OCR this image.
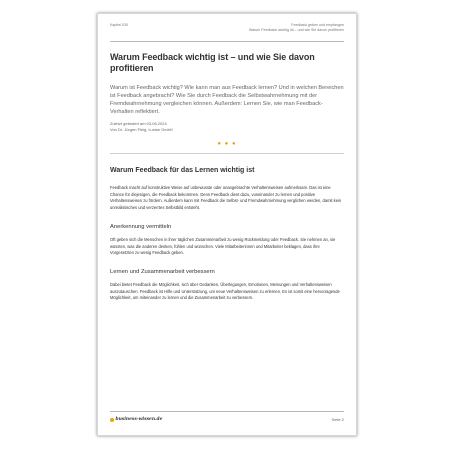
Kapitel 030	Feedback geben und empfangen
Warum Feedback wichtig ist – und wie Sie davon profitieren
Warum Feedback wichtig ist – und wie Sie davon profitieren

Warum ist Feedback wichtig? Wie kann man aus Feedback lernen? Und in welchen Bereichen ist Feedback angebracht? Wie Sie durch Feedback die Selbstwahrnehmung mit der Fremdwahrnehmung vergleichen können. Außerdem: Lernen Sie, wie man Feedback-Verhalten reflektiert.

Zuletzt geändert am 03.06.2024
Von Dr. Jürgen Fleig, b-wise GmbH
● ● ●
Warum Feedback für das Lernen wichtig ist

Feedback macht auf konstruktive Weise auf unbewusste oder unangebrachte Verhaltensweisen aufmerksam. Das ist eine Chance für diejenigen, die Feedback bekommen. Denn Feedback dient dazu, voneinander zu lernen und positive Verhaltensweisen zu fördern. Außerdem kann mit Feedback die Selbst- und Fremdwahrnehmung verglichen werden, damit kein unrealistisches und verzerrtes Selbstbild entsteht.

Anerkennung vermitteln

Oft geben sich die Menschen in ihrer täglichen Zusammenarbeit zu wenig Rückmeldung oder Feedback. Sie nehmen an, sie wüssten, was die anderen denken, fühlen und wünschen. Viele Mitarbeiterinnen und Mitarbeiter beklagen, dass ihre Vorgesetzten zu wenig Feedback geben.

Lernen und Zusammenarbeit verbessern

Dabei bietet Feedback die Möglichkeit, sich über Gedanken, Überlegungen, Emotionen, Meinungen und Verhaltensweisen auszutauschen. Feedback ist Hilfe und Unterstützung, um neue Verhaltensweisen zu erlernen. Es ist somit eine hervorragende Möglichkeit, um miteinander zu lernen und die Zusammenarbeit zu verbessern.

business-wissen.de	Seite 2
